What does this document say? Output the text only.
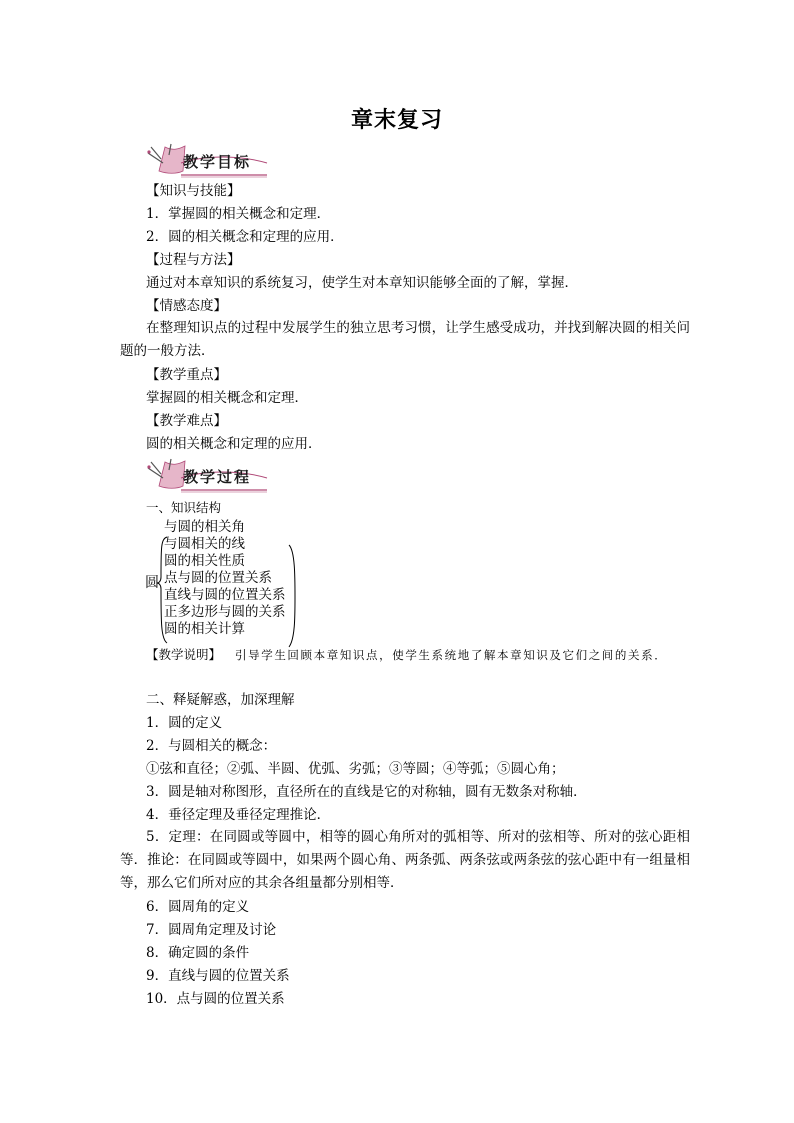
章末复习
教学目标
【知识与技能】
1．掌握圆的相关概念和定理．
2．圆的相关概念和定理的应用．
【过程与方法】
通过对本章知识的系统复习，使学生对本章知识能够全面的了解，掌握．
【情感态度】
在整理知识点的过程中发展学生的独立思考习惯，让学生感受成功，并找到解决圆的相关问题的一般方法．
【教学重点】
掌握圆的相关概念和定理．
【教学难点】
圆的相关概念和定理的应用．
教学过程
一、知识结构
圆
与圆的相关角
与圆相关的线
圆的相关性质
点与圆的位置关系
直线与圆的位置关系
正多边形与圆的关系
圆的相关计算
【教学说明】 引导学生回顾本章知识点，使学生系统地了解本章知识及它们之间的关系．
二、释疑解惑，加深理解
1．圆的定义
2．与圆相关的概念：
①弦和直径；②弧、半圆、优弧、劣弧；③等圆；④等弧；⑤圆心角；
3．圆是轴对称图形，直径所在的直线是它的对称轴，圆有无数条对称轴．
4．垂径定理及垂径定理推论．
5．定理：在同圆或等圆中，相等的圆心角所对的弧相等、所对的弦相等、所对的弦心距相等．推论：在同圆或等圆中，如果两个圆心角、两条弧、两条弦或两条弦的弦心距中有一组量相等，那么它们所对应的其余各组量都分别相等．
6．圆周角的定义
7．圆周角定理及讨论
8．确定圆的条件
9．直线与圆的位置关系
10．点与圆的位置关系
